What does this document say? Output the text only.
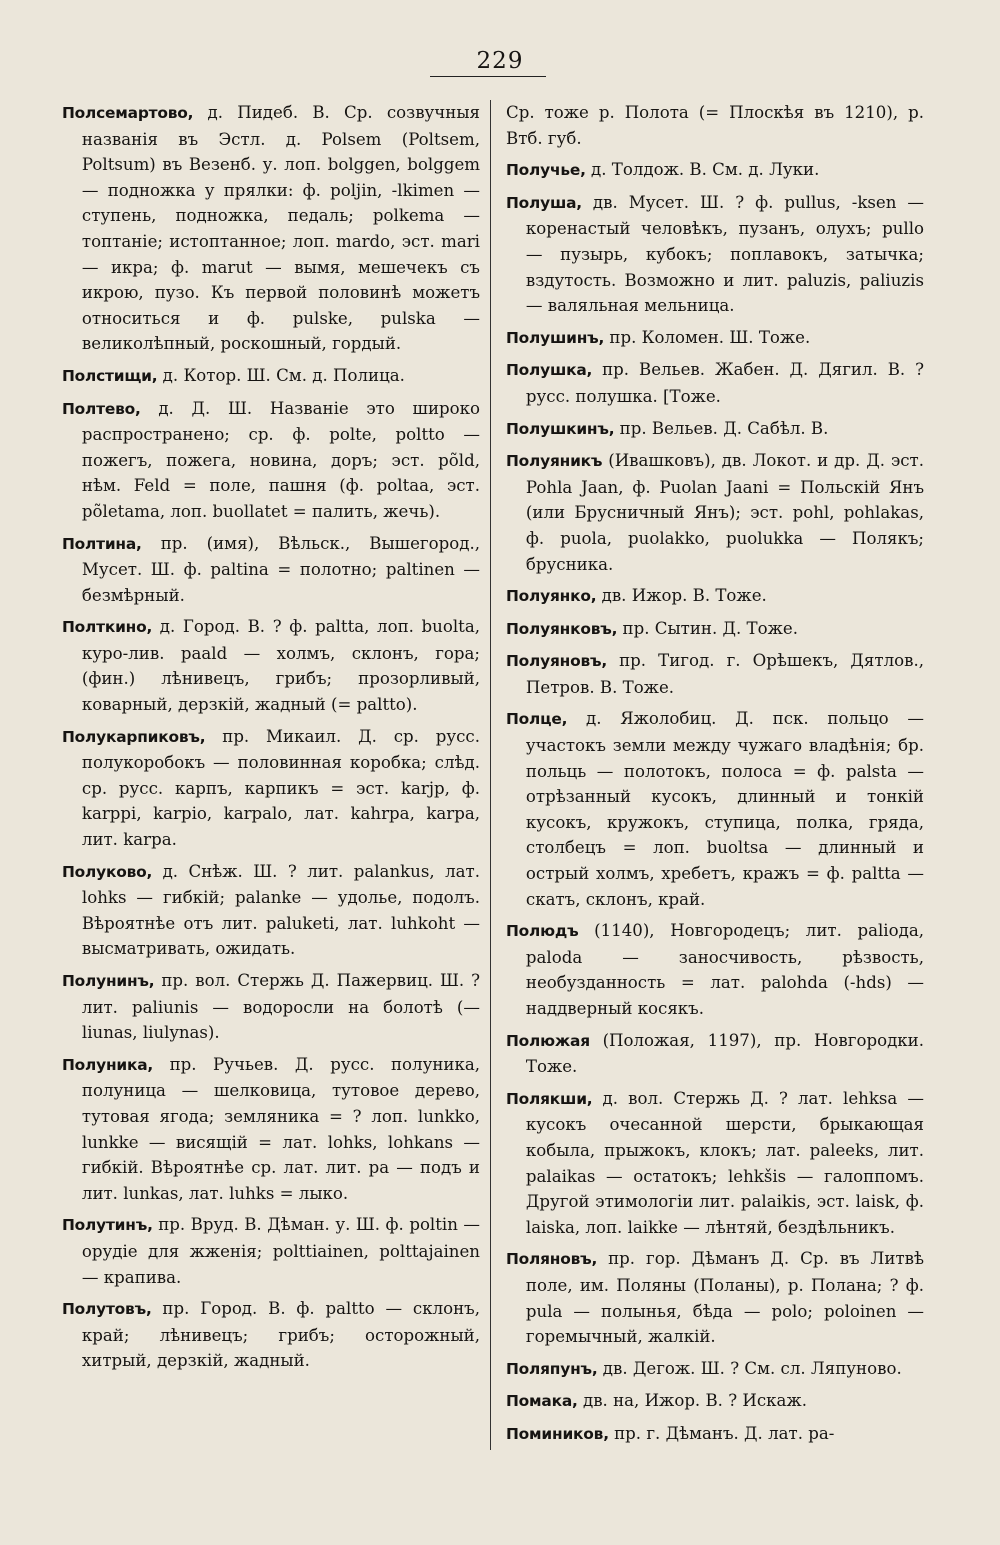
229

Полсемартово, д. Пидеб. В. Ср. созвучныя названія въ Эстл. д. Polsem (Poltsem, Poltsum) въ Везенб. у. лоп. bolggen, bolggem — подножка у прялки: ф. poljin, -lkimen — ступень, подножка, педаль; polkema — топтаніе; истоптанное; лоп. mardo, эст. mari — икра; ф. marut — вымя, мешечекъ съ икрою, пузо. Къ первой половинѣ можетъ относиться и ф. pulske, pulska — великолѣпный, роскошный, гордый.

Полстищи, д. Котор. Ш. См. д. Полица.

Полтево, д. Д. Ш. Названіе это широко распространено; ср. ф. polte, poltto — пожегъ, пожега, новина, доръ; эст. põld, нѣм. Feld = поле, пашня (ф. poltaa, эст. põletama, лоп. buollatet = палить, жечь).

Полтина, пр. (имя), Вѣльск., Вышегород., Мусет. Ш. ф. paltina = полотно; paltinen — безмѣрный.

Полткино, д. Город. В. ? ф. paltta, лоп. buolta, куро-лив. paald — холмъ, склонъ, гора; (фин.) лѣнивецъ, грибъ; прозорливый, коварный, дерзкій, жадный (= paltto).

Полукарпиковъ, пр. Микаил. Д. ср. русс. полукоробокъ — половинная коробка; слѣд. ср. русс. карпъ, карпикъ = эст. karjp, ф. karppi, karpio, karpalo, лат. kahrpa, karpa, лит. karpa.

Полуково, д. Снѣж. Ш. ? лит. palankus, лат. lohks — гибкій; palanke — удолье, подолъ. Вѣроятнѣе отъ лит. paluketi, лат. luhkoht — высматривать, ожидать.

Полунинъ, пр. вол. Стержь Д. Пажервиц. Ш. ? лит. paliunis — водоросли на болотѣ (— liunas, liulynas).

Полуника, пр. Ручьев. Д. русс. полуника, полуница — шелковица, тутовое дерево, тутовая ягода; земляника = ? лоп. lunkko, lunkke — висящій = лат. lohks, lohkans — гибкій. Вѣроятнѣе ср. лат. лит. pa — подъ и лит. lunkas, лат. luhks = лыко.

Полутинъ, пр. Вруд. В. Дѣман. у. Ш. ф. poltin — орудіе для жженія; polttiainen, polttajainen — крапива.

Полутовъ, пр. Город. В. ф. paltto — склонъ, край; лѣнивецъ; грибъ; осторожный, хитрый, дерзкій, жадный.

Ср. тоже р. Полота (= Плоскѣя въ 1210), р. Втб. губ.

Получье, д. Толдож. В. См. д. Луки.

Полуша, дв. Мусет. Ш. ? ф. pullus, -ksen — коренастый человѣкъ, пузанъ, олухъ; pullo — пузырь, кубокъ; поплавокъ, затычка; вздутость. Возможно и лит. paluzis, paliuzis — валяльная мельница.

Полушинъ, пр. Коломен. Ш. Тоже.

Полушка, пр. Вельев. Жабен. Д. Дягил. В. ? русс. полушка. [Тоже.

Полушкинъ, пр. Вельев. Д. Сабѣл. В.

Полуяникъ (Ивашковъ), дв. Локот. и др. Д. эст. Pohla Jaan, ф. Puolan Jaani = Польскій Янъ (или Брусничный Янъ); эст. pohl, pohlakas, ф. puola, puolakko, puolukka — Полякъ; брусника.

Полуянко, дв. Ижор. В. Тоже.

Полуянковъ, пр. Сытин. Д. Тоже.

Полуяновъ, пр. Тигод. г. Орѣшекъ, Дятлов., Петров. В. Тоже.

Полце, д. Яжолобиц. Д. пск. польцо — участокъ земли между чужаго владѣнія; бр. польць — полотокъ, полоса = ф. palsta — отрѣзанный кусокъ, длинный и тонкій кусокъ, кружокъ, ступица, полка, гряда, столбецъ = лоп. buoltsa — длинный и острый холмъ, хребетъ, кражъ = ф. paltta — скатъ, склонъ, край.

Полюдъ (1140), Новгородецъ; лит. paliода, paloda — заносчивость, рѣзвость, необузданность = лат. palohda (-hds) — наддверный косякъ.

Полюжая (Положая, 1197), пр. Новгородки. Тоже.

Полякши, д. вол. Стержь Д. ? лат. lehksa — кусокъ очесанной шерсти, брыкающая кобыла, прыжокъ, клокъ; лат. paleeks, лит. palaikas — остатокъ; lehkšis — галоппомъ. Другой этимологіи лит. palaikis, эст. laisk, ф. laiska, лоп. laikke — лѣнтяй, бездѣльникъ.

Поляновъ, пр. гор. Дѣманъ Д. Ср. въ Литвѣ поле, им. Поляны (Поланы), р. Полана; ? ф. pula — полынья, бѣда — polo; poloinen — горемычный, жалкій.

Поляпунъ, дв. Дегож. Ш. ? См. сл. Ляпуново.

Помака, дв. на, Ижор. В. ? Искаж.

Помиников, пр. г. Дѣманъ. Д. лат. ра-
